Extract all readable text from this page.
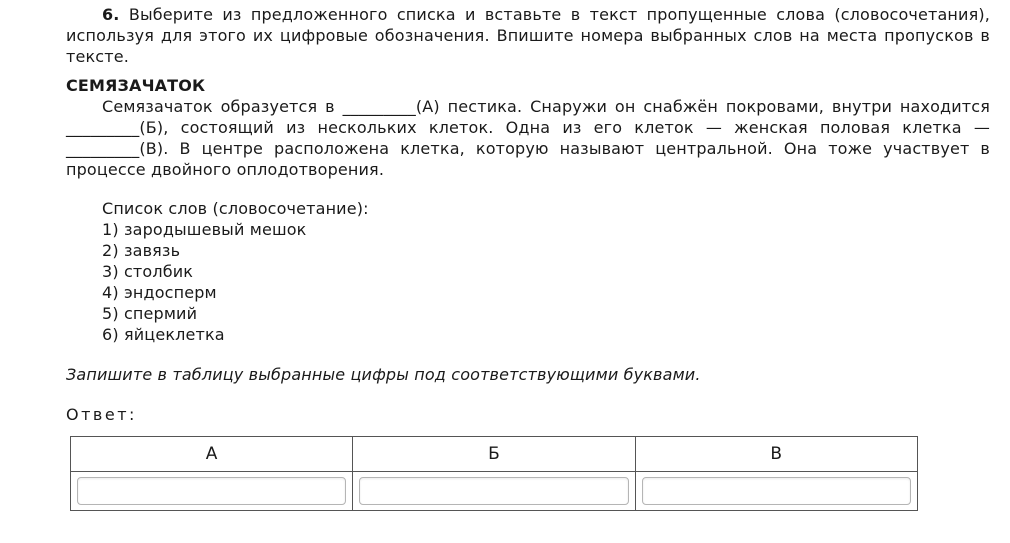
6. Выберите из предложенного списка и вставьте в текст пропущенные слова (словосочетания), используя для этого их цифровые обозначения. Впишите номера выбранных слов на места пропусков в тексте.

СЕМЯЗАЧАТОК

Семязачаток образуется в _________(А) пестика. Снаружи он снабжён покровами, внутри находится _________(Б), состоящий из нескольких клеток. Одна из его клеток — женская половая клетка — _________(В). В центре расположена клетка, которую называют центральной. Она тоже участвует в процессе двойного оплодотворения.

Список слов (словосочетание):
1) зародышевый мешок
2) завязь
3) столбик
4) эндосперм
5) спермий
6) яйцеклетка
Запишите в таблицу выбранные цифры под соответствующими буквами.
Ответ:
А	Б	В
